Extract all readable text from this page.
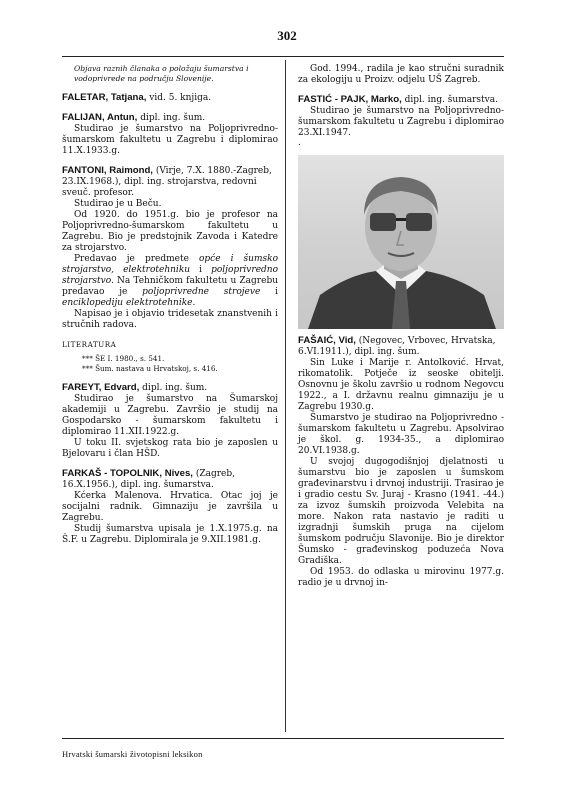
302

Objava raznih članaka o položaju šumarstva i vodoprivrede na području Slovenije.

FALETAR, Tatjana, vid. 5. knjiga.

FALIJAN, Antun, dipl. ing. šum.

Studirao je šumarstvo na Poljoprivredno-šumarskom fakultetu u Zagrebu i diplomirao 11.X.1933.g.

FANTONI, Raimond, (Virje, 7.X. 1880.-Zagreb, 23.IX.1968.), dipl. ing. strojarstva, redovni sveuč. profesor.

Studirao je u Beču.

Od 1920. do 1951.g. bio je profesor na Poljoprivredno-šumarskom fakultetu u Zagrebu. Bio je predstojnik Zavoda i Katedre za strojarstvo.

Predavao je predmete opće i šumsko strojarstvo, elektrotehniku i poljoprivredno strojarstvo. Na Tehničkom fakultetu u Zagrebu predavao je poljoprivredne strojeve i enciklopediju elektrotehnike.

Napisao je i objavio tridesetak znanstvenih i stručnih radova.

LITERATURA

*** ŠE I. 1980., s. 541.

*** Šum. nastava u Hrvatskoj, s. 416.

FAREYT, Edvard, dipl. ing. šum.

Studirao je šumarstvo na Šumarskoj akademiji u Zagrebu. Završio je studij na Gospodarsko - šumarskom fakultetu i diplomirao 11.XII.1922.g.

U toku II. svjetskog rata bio je zaposlen u Bjelovaru i član HŠD.

FARKAŠ - TOPOLNIK, Nives, (Zagreb, 16.X.1956.), dipl. ing. šumarstva.

Kćerka Malenova. Hrvatica. Otac joj je socijalni radnik. Gimnaziju je završila u Zagrebu.

Studij šumarstva upisala je 1.X.1975.g. na Š.F. u Zagrebu. Diplomirala je 9.XII.1981.g.

God. 1994., radila je kao stručni suradnik za ekologiju u Proizv. odjelu UŠ Zagreb.

FASTIĆ - PAJK, Marko, dipl. ing. šumarstva.

Studirao je šumarstvo na Poljoprivredno-šumarskom fakultetu u Zagrebu i diplomirao 23.XI.1947.

.

FAŠAIĆ, Vid, (Negovec, Vrbovec, Hrvatska, 6.VI.1911.), dipl. ing. šum.

Sin Luke i Marije r. Antolković. Hrvat, rikomatolik. Potječe iz seoske obitelji. Osnovnu je školu završio u rodnom Negovcu 1922., a I. državnu realnu gimnaziju je u Zagrebu 1930.g.

Šumarstvo je studirao na Poljoprivredno - šumarskom fakultetu u Zagrebu. Apsolvirao je škol. g. 1934-35., a diplomirao 20.VI.1938.g.

U svojoj dugogodišnjoj djelatnosti u šumarstvu bio je zaposlen u šumskom građevinarstvu i drvnoj industriji. Trasirao je i gradio cestu Sv. Juraj - Krasno (1941. -44.) za izvoz šumskih proizvoda Velebita na more. Nakon rata nastavio je raditi u izgradnji šumskih pruga na cijelom šumskom području Slavonije. Bio je direktor Šumsko - građevinskog poduzeća Nova Gradiška.

Od 1953. do odlaska u mirovinu 1977.g. radio je u drvnoj in-

Hrvatski šumarski životopisni leksikon
